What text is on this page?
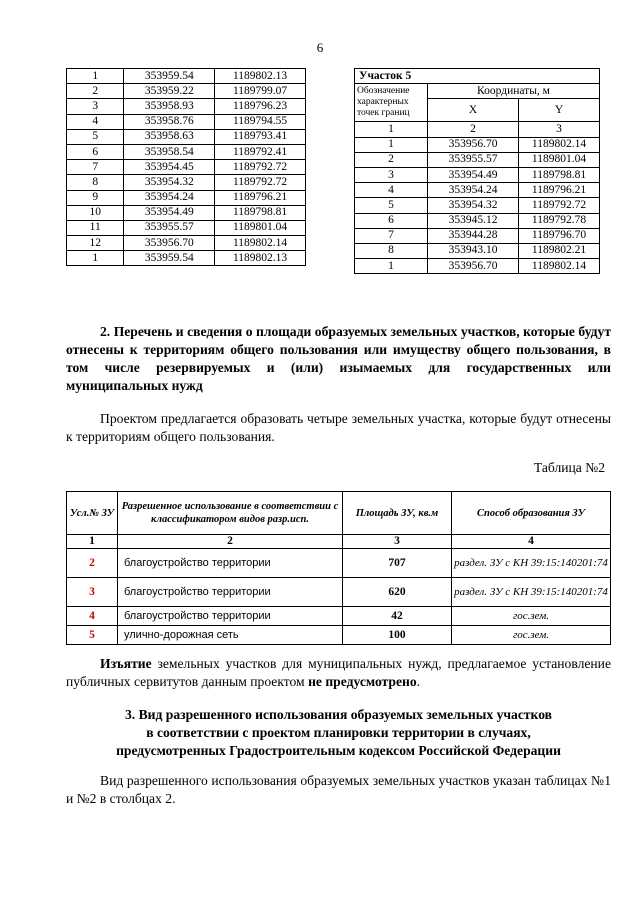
6
1	353959.54	1189802.13
2	353959.22	1189799.07
3	353958.93	1189796.23
4	353958.76	1189794.55
5	353958.63	1189793.41
6	353958.54	1189792.41
7	353954.45	1189792.72
8	353954.32	1189792.72
9	353954.24	1189796.21
10	353954.49	1189798.81
11	353955.57	1189801.04
12	353956.70	1189802.14
1	353959.54	1189802.13
Участок 5		
Обозначение характерных точек границ	Координаты, м	
	X	Y
1	2	3
1	353956.70	1189802.14
2	353955.57	1189801.04
3	353954.49	1189798.81
4	353954.24	1189796.21
5	353954.32	1189792.72
6	353945.12	1189792.78
7	353944.28	1189796.70
8	353943.10	1189802.21
1	353956.70	1189802.14
2. Перечень и сведения о площади образуемых земельных участков, которые будут отнесены к территориям общего пользования или имуществу общего пользования, в том числе резервируемых и (или) изымаемых для государственных или муниципальных нужд
Проектом предлагается образовать четыре земельных участка, которые будут отнесены к территориям общего пользования.
Таблица №2
Усл.№ ЗУ	Разрешенное использование в соответствии с классификатором видов разр.исп.	Площадь ЗУ, кв.м	Способ образования ЗУ
1	2	3	4
2	благоустройство территории	707	раздел. ЗУ с КН 39:15:140201:74
3	благоустройство территории	620	раздел. ЗУ с КН 39:15:140201:74
4	благоустройство территории	42	гос.зем.
5	улично-дорожная сеть	100	гос.зем.
Изъятие земельных участков для муниципальных нужд, предлагаемое установление публичных сервитутов данным проектом не предусмотрено.
3. Вид разрешенного использования образуемых земельных участков
в соответствии с проектом планировки территории в случаях,
предусмотренных Градостроительным кодексом Российской Федерации
Вид разрешенного использования образуемых земельных участков указан таблицах №1 и №2 в столбцах 2.
